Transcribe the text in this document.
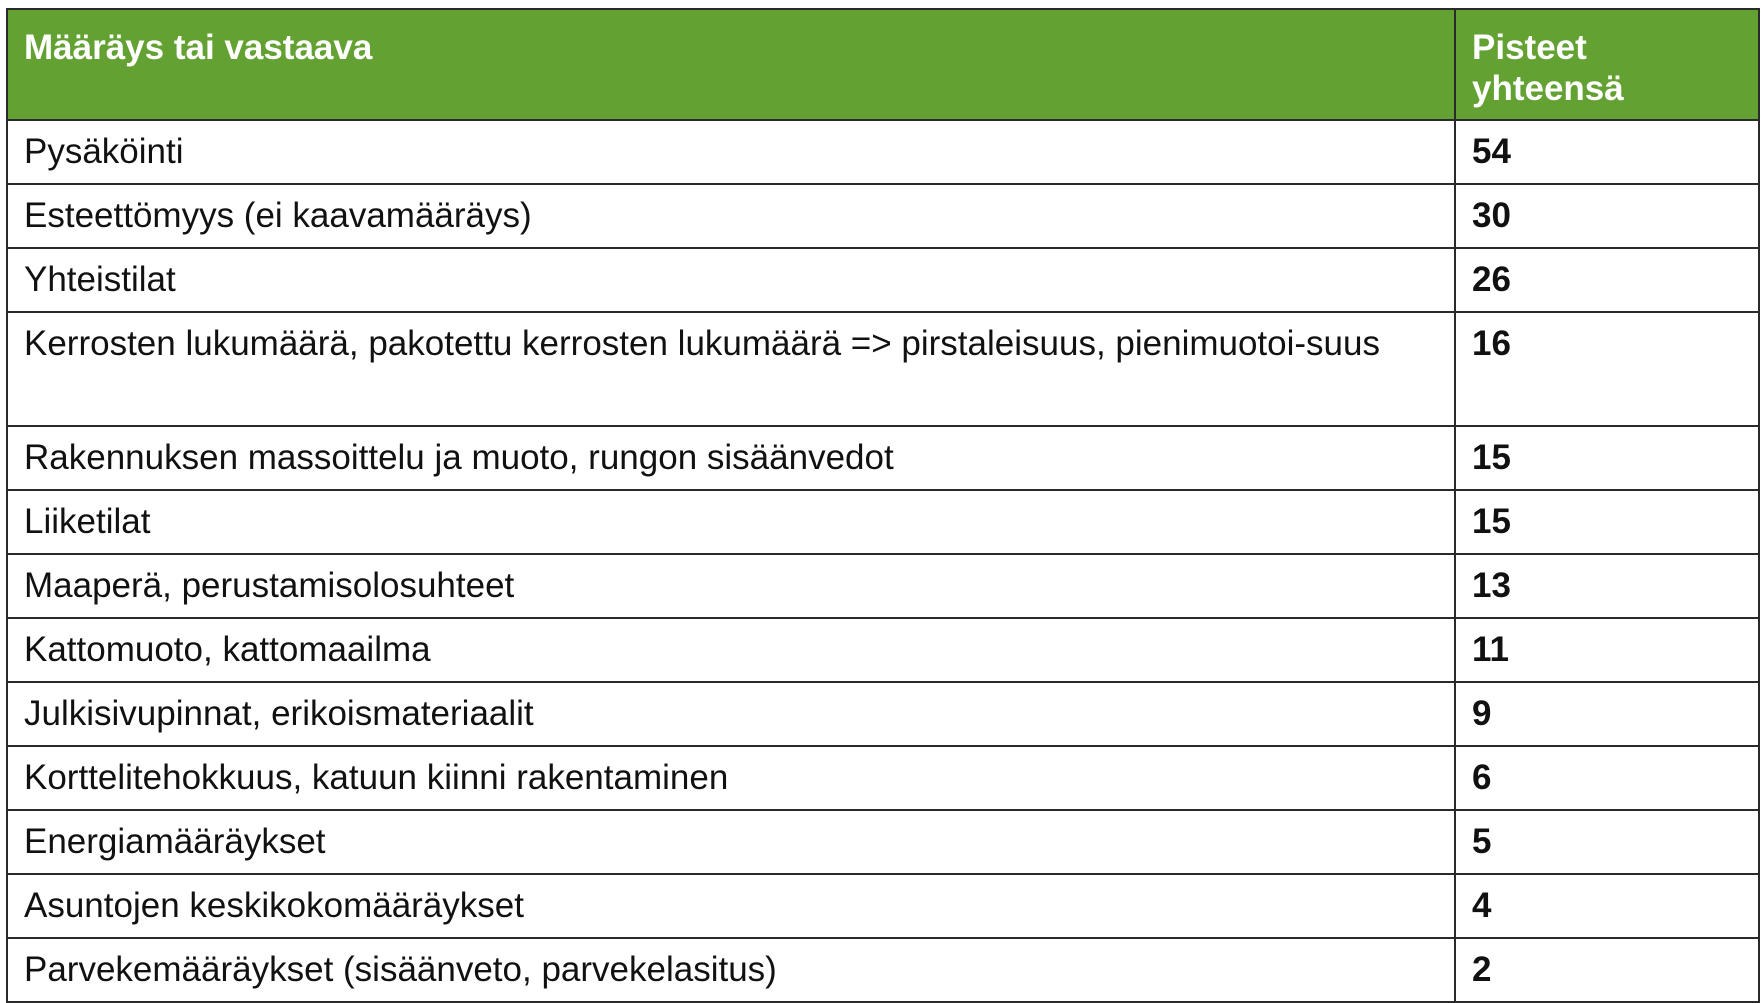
Määräys tai vastaava	Pisteet yhteensä
Pysäköinti	54
Esteettömyys (ei kaavamääräys)	30
Yhteistilat	26
Kerrosten lukumäärä, pakotettu kerrosten lukumäärä => pirstaleisuus, pienimuotoi-suus	16
Rakennuksen massoittelu ja muoto, rungon sisäänvedot	15
Liiketilat	15
Maaperä, perustamisolosuhteet	13
Kattomuoto, kattomaailma	11
Julkisivupinnat, erikoismateriaalit	9
Korttelitehokkuus, katuun kiinni rakentaminen	6
Energiamääräykset	5
Asuntojen keskikokomääräykset	4
Parvekemääräykset (sisäänveto, parvekelasitus)	2
